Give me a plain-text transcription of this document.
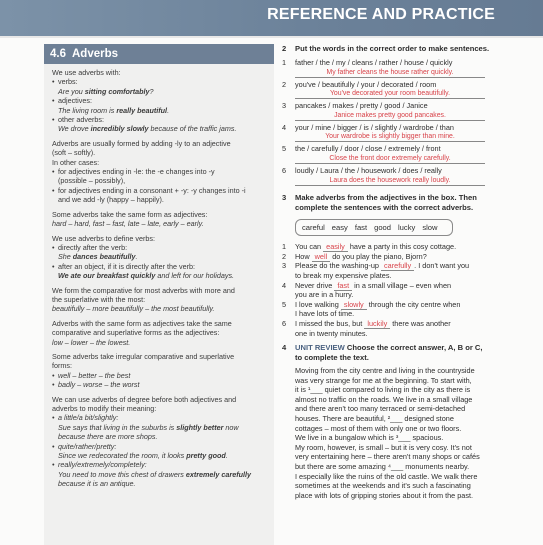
REFERENCE AND PRACTICE
4.6 Adverbs

We use adverbs with:

• verbs:

Are you sitting comfortably?

• adjectives:

The living room is really beautiful.

• other adverbs:

We drove incredibly slowly because of the traffic jams.

Adverbs are usually formed by adding -ly to an adjective

(soft – softly).

In other cases:

• for adjectives ending in -le: the -e changes into -y

(possible – possibly),

• for adjectives ending in a consonant + -y: -y changes into -i

and we add -ly (happy – happily).

Some adverbs take the same form as adjectives:

hard – hard, fast – fast, late – late, early – early.

We use adverbs to define verbs:

• directly after the verb:

She dances beautifully.

• after an object, if it is directly after the verb:

We ate our breakfast quickly and left for our holidays.

We form the comparative for most adverbs with more and

the superlative with the most:

beautifully – more beautifully – the most beautifully.

Adverbs with the same form as adjectives take the same

comparative and superlative forms as the adjectives:

low – lower – the lowest.

Some adverbs take irregular comparative and superlative

forms:

• well – better – the best

• badly – worse – the worst

We can use adverbs of degree before both adjectives and

adverbs to modify their meaning:

• a little/a bit/slightly:

Sue says that living in the suburbs is slightly better now

because there are more shops.

• quite/rather/pretty:

Since we redecorated the room, it looks pretty good.

• really/extremely/completely:

You need to move this chest of drawers extremely carefully

because it is an antique.

2	Put the words in the correct order to make sentences.
1	father / the / my / cleans / rather / house / quickly
My father cleans the house rather quickly.
2	you've / beautifully / your / decorated / room
You've decorated your room beautifully.
3	pancakes / makes / pretty / good / Janice
Janice makes pretty good pancakes.
4	your / mine / bigger / is / slightly / wardrobe / than
Your wardrobe is slightly bigger than mine.
5	the / carefully / door / close / extremely / front
Close the front door extremely carefully.
6	loudly / Laura / the / housework / does / really
Laura does the housework really loudly.
3	Make adverbs from the adjectives in the box. Then
complete the sentences with the correct adverbs.
careful easy fast good lucky slow
1	You can easily have a party in this cosy cottage.
2	How well do you play the piano, Bjorn?
3	Please do the washing-up carefully . I don't want you
to break my expensive plates.
4	Never drive fast in a small village – even when
you are in a hurry.
5	I love walking slowly through the city centre when
I have lots of time.
6	I missed the bus, but luckily there was another
one in twenty minutes.
4	UNIT REVIEW Choose the correct answer, A, B or C,
to complete the text.

Moving from the city centre and living in the countryside

was very strange for me at the beginning. To start with,

it is ¹___ quiet compared to living in the city as there is

almost no traffic on the roads. We live in a small village

and there aren't too many terraced or semi-detached

houses. There are beautiful, ²___ designed stone

cottages – most of them with only one or two floors.

We live in a bungalow which is ³___ spacious.

My room, however, is small – but it is very cosy. It's not

very entertaining here – there aren't many shops or cafés

but there are some amazing ⁴___ monuments nearby.

I especially like the ruins of the old castle. We walk there

sometimes at the weekends and it's such a fascinating

place with lots of gripping stories about it from the past.
